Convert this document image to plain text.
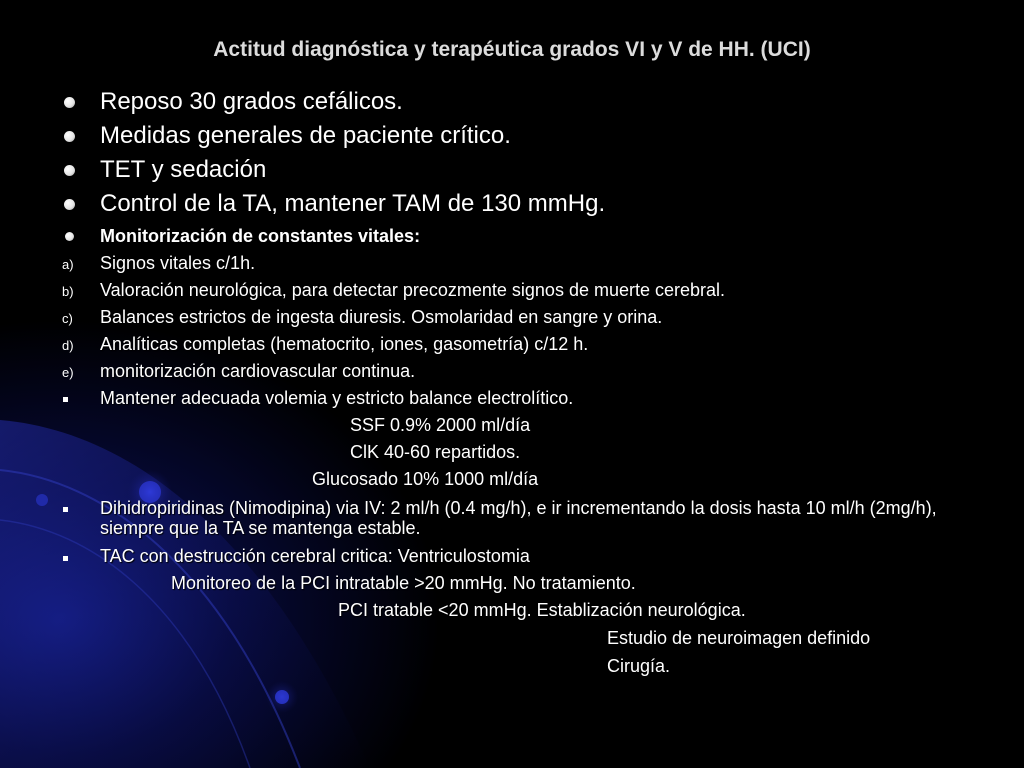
Actitud diagnóstica y terapéutica grados VI y V de HH. (UCI)
Reposo 30 grados cefálicos.
Medidas generales de paciente crítico.
TET y sedación
Control de la TA, mantener TAM de 130 mmHg.
Monitorización de constantes vitales:
a) Signos vitales c/1h.
b) Valoración neurológica, para detectar precozmente signos de muerte cerebral.
c) Balances estrictos de ingesta diuresis. Osmolaridad en sangre y orina.
d) Analíticas completas (hematocrito, iones, gasometría) c/12 h.
e) monitorización cardiovascular continua.
Mantener adecuada volemia y estricto balance electrolítico.
SSF 0.9% 2000 ml/día
ClK 40-60 repartidos.
Glucosado 10% 1000 ml/día
Dihidropiridinas (Nimodipina) via IV: 2 ml/h (0.4 mg/h), e ir incrementando la dosis hasta 10 ml/h (2mg/h), siempre que la TA se mantenga estable.
TAC con destrucción cerebral critica: Ventriculostomia
Monitoreo de la PCI intratable >20 mmHg. No tratamiento.
PCI tratable <20 mmHg. Establización neurológica.
Estudio de neuroimagen definido
Cirugía.
